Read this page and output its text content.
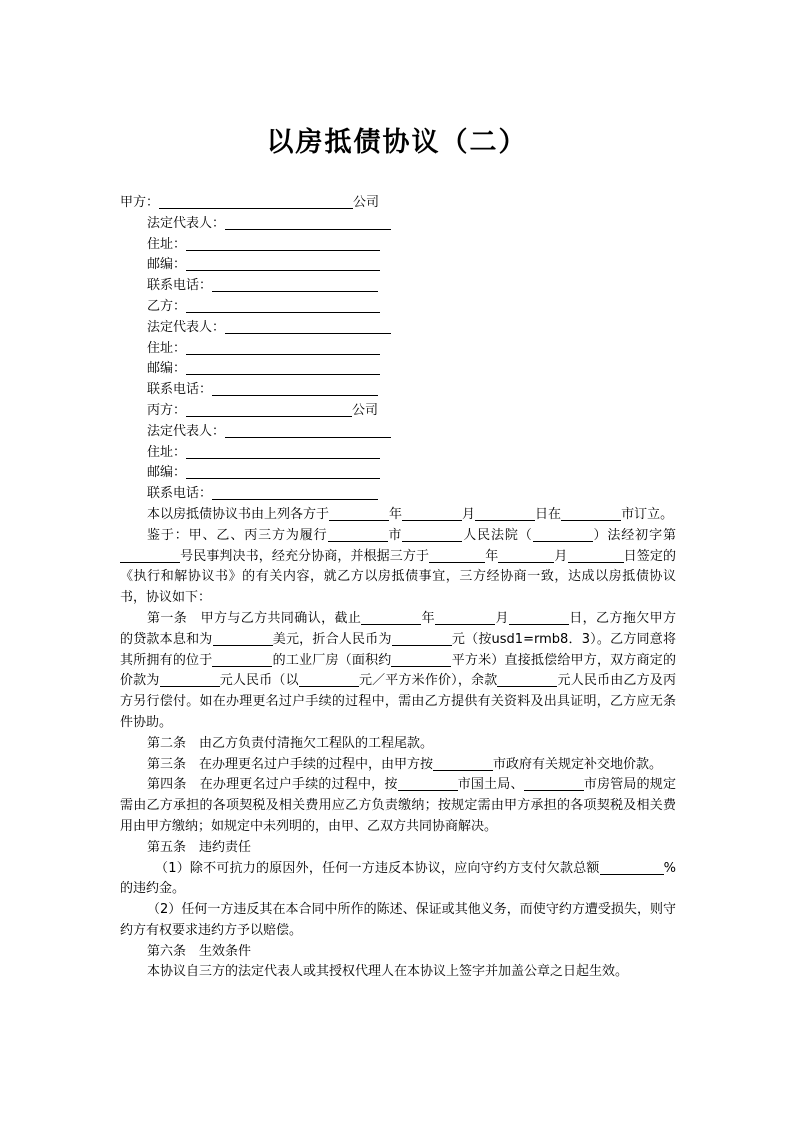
以房抵债协议（二）

甲方：	公司

法定代表人：

住址：

邮编：

联系电话：

乙方：

法定代表人：

住址：

邮编：

联系电话：

丙方：	公司

法定代表人：

住址：

邮编：

联系电话：

本以房抵债协议书由上列各方于	年	月	日在	市订立。

鉴于：甲、乙、丙三方为履行	市	人民法院（	）法经初字第号民事判决书，经充分协商，并根据三方于	年	月	日签定的《执行和解协议书》的有关内容，就乙方以房抵债事宜，三方经协商一致，达成以房抵债协议书，协议如下：

第一条　甲方与乙方共同确认，截止	年	月	日，乙方拖欠甲方的贷款本息和为	美元，折合人民币为	元（按usd1=rmb8．3）。乙方同意将其所拥有的位于	的工业厂房（面积约	平方米）直接抵偿给甲方，双方商定的价款为	元人民币（以	元／平方米作价），余款	元人民币由乙方及丙方另行偿付。如在办理更名过户手续的过程中，需由乙方提供有关资料及出具证明，乙方应无条件协助。

第二条　由乙方负责付清拖欠工程队的工程尾款。

第三条　在办理更名过户手续的过程中，由甲方按	市政府有关规定补交地价款。

第四条　在办理更名过户手续的过程中，按	市国土局、	市房管局的规定需由乙方承担的各项契税及相关费用应乙方负责缴纳；按规定需由甲方承担的各项契税及相关费用由甲方缴纳；如规定中未列明的，由甲、乙双方共同协商解决。

第五条　违约责任

（1）除不可抗力的原因外，任何一方违反本协议，应向守约方支付欠款总额	%的违约金。

（2）任何一方违反其在本合同中所作的陈述、保证或其他义务，而使守约方遭受损失，则守约方有权要求违约方予以赔偿。

第六条　生效条件

本协议自三方的法定代表人或其授权代理人在本协议上签字并加盖公章之日起生效。
